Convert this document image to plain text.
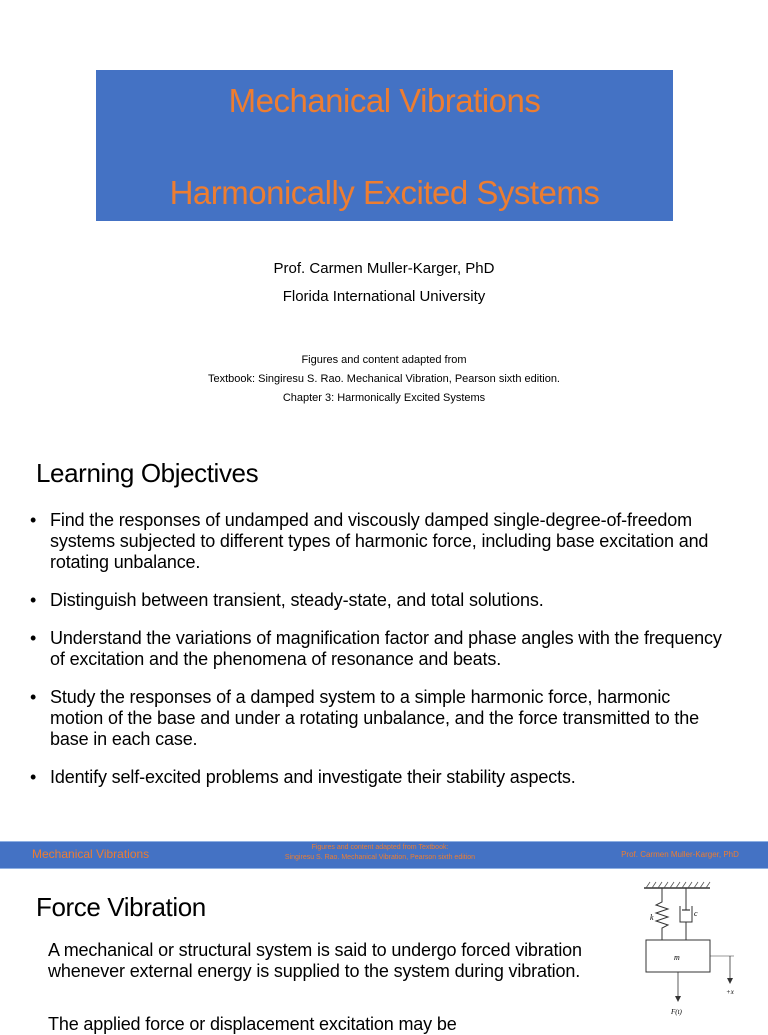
Mechanical Vibrations
Harmonically Excited Systems
Prof. Carmen Muller-Karger, PhD
Florida International University
Figures and content adapted from
Textbook: Singiresu S. Rao. Mechanical Vibration, Pearson sixth edition.
Chapter 3: Harmonically Excited Systems
Learning Objectives
• Find the responses of undamped and viscously damped single-degree-of-freedom systems subjected to different types of harmonic force, including base excitation and rotating unbalance.
• Distinguish between transient, steady-state, and total solutions.
• Understand the variations of magnification factor and phase angles with the frequency of excitation and the phenomena of resonance and beats.
• Study the responses of a damped system to a simple harmonic force, harmonic motion of the base and under a rotating unbalance, and the force transmitted to the base in each case.
• Identify self-excited problems and investigate their stability aspects.
Mechanical Vibrations	Figures and content adapted from Textbook:
Singiresu S. Rao. Mechanical Vibration, Pearson sixth edition	Prof. Carmen Muller-Karger, PhD
Force Vibration
A mechanical or structural system is said to undergo forced vibration whenever external energy is supplied to the system during vibration.
The applied force or displacement excitation may be
k	c
m
+x
F(t)
